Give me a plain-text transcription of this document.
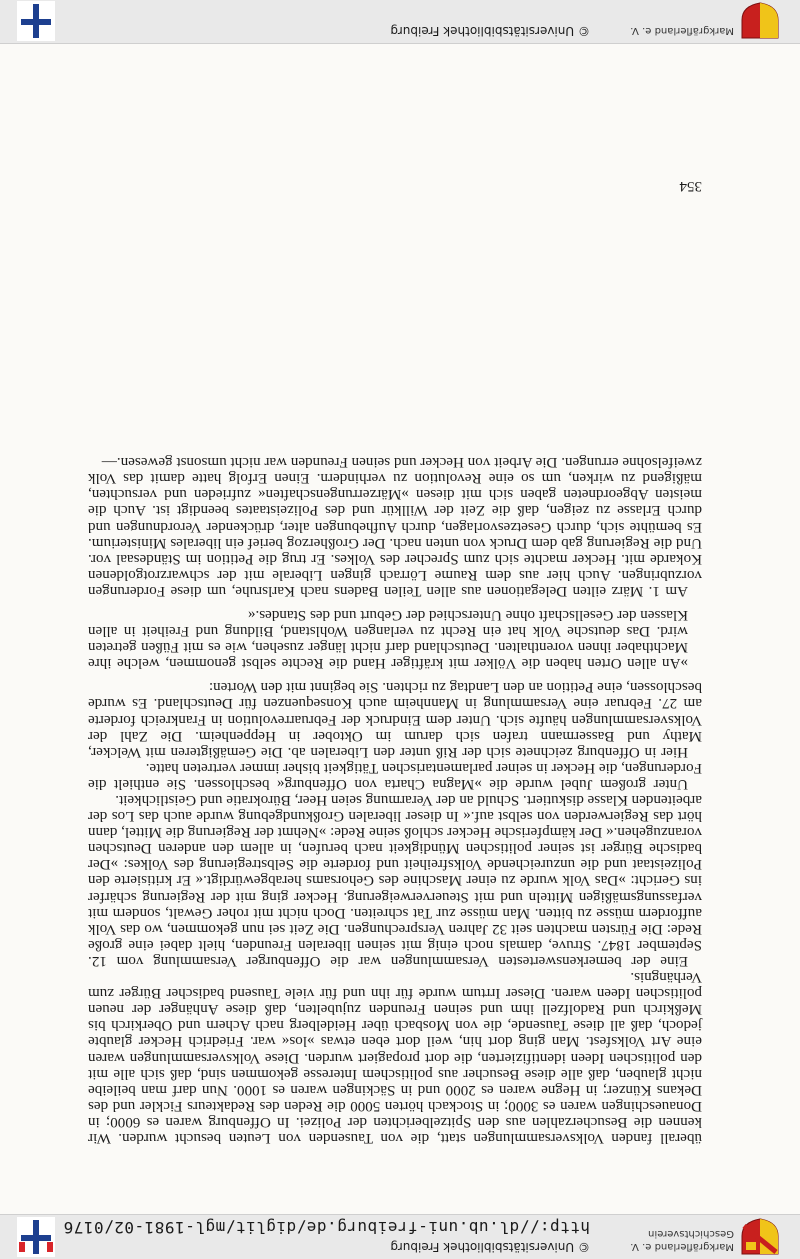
Markgräflerland e. V.
Geschichtsverein
© Universitätsbibliothek Freiburg
http://dl.ub.uni-freiburg.de/diglit/mgl-1981-02/0176

überall fanden Volksversammlungen statt, die von Tausenden von Leuten besucht wurden. Wir kennen die Besucherzahlen aus den Spitzelberichten der Polizei. In Offenburg waren es 6000; in Donaueschingen waren es 3000; in Stockach hörten 5000 die Reden des Redakteurs Fickler und des Dekans Künzer; in Hegne waren es 2000 und in Säckingen waren es 1000. Nun darf man beileibe nicht glauben, daß alle diese Besucher aus politischem Interesse gekommen sind, daß sich alle mit den politischen Ideen identifizierten, die dort propagiert wurden. Diese Volksversammlungen waren eine Art Volksfest. Man ging dort hin, weil dort eben etwas »los« war. Friedrich Hecker glaubte jedoch, daß all diese Tausende, die von Mosbach über Heidelberg nach Achern und Oberkirch bis Meßkirch und Radolfzell ihm und seinen Freunden zujubelten, daß diese Anhänger der neuen politischen Ideen waren. Dieser Irrtum wurde für ihn und für viele Tausend badischer Bürger zum Verhängnis.

Eine der bemerkenswertesten Versammlungen war die Offenburger Versammlung vom 12. September 1847. Struve, damals noch einig mit seinen liberalen Freunden, hielt dabei eine große Rede: Die Fürsten machten seit 32 Jahren Versprechungen. Die Zeit sei nun gekommen, wo das Volk auffordern müsse zu bitten. Man müsse zur Tat schreiten. Doch nicht mit roher Gewalt, sondern mit verfassungsmäßigen Mitteln und mit Steuerverweigerung. Hecker ging mit der Regierung schärfer ins Gericht: »Das Volk wurde zu einer Maschine des Gehorsams herabgewürdigt.« Er kritisierte den Polizeistaat und die unzureichende Volksfreiheit und forderte die Selbstregierung des Volkes: »Der badische Bürger ist seiner politischen Mündigkeit nach berufen, in allem den anderen Deutschen voranzugehen.« Der kämpferische Hecker schloß seine Rede: »Nehmt der Regierung die Mittel, dann hört das Regierwerden von selbst auf.« In dieser liberalen Großkundgebung wurde auch das Los der arbeitenden Klasse diskutiert. Schuld an der Verarmung seien Heer, Bürokratie und Geistlichkeit.

Unter großem Jubel wurde die »Magna Charta von Offenburg« beschlossen. Sie enthielt die Forderungen, die Hecker in seiner parlamentarischen Tätigkeit bisher immer vertreten hatte.

Hier in Offenburg zeichnete sich der Riß unter den Liberalen ab. Die Gemäßigteren mit Welcker, Mathy und Bassermann trafen sich darum im Oktober in Heppenheim. Die Zahl der Volksversammlungen häufte sich. Unter dem Eindruck der Februarrevolution in Frankreich forderte am 27. Februar eine Versammlung in Mannheim auch Konsequenzen für Deutschland. Es wurde beschlossen, eine Petition an den Landtag zu richten. Sie beginnt mit den Worten:

»An allen Orten haben die Völker mit kräftiger Hand die Rechte selbst genommen, welche ihre Machthaber ihnen vorenthalten. Deutschland darf nicht länger zusehen, wie es mit Füßen getreten wird. Das deutsche Volk hat ein Recht zu verlangen Wohlstand, Bildung und Freiheit in allen Klassen der Gesellschaft ohne Unterschied der Geburt und des Standes.«

Am 1. März eilten Delegationen aus allen Teilen Badens nach Karlsruhe, um diese Forderungen vorzubringen. Auch hier aus dem Raume Lörrach gingen Liberale mit der schwarzrotgoldenen Kokarde mit. Hecker machte sich zum Sprecher des Volkes. Er trug die Petition im Ständesaal vor. Und die Regierung gab dem Druck von unten nach. Der Großherzog berief ein liberales Ministerium. Es bemühte sich, durch Gesetzesvorlagen, durch Aufhebungen alter, drückender Verordnungen und durch Erlasse zu zeigen, daß die Zeit der Willkür und des Polizeistaates beendigt ist. Auch die meisten Abgeordneten gaben sich mit diesen »Märzerrungenschaften« zufrieden und versuchten, mäßigend zu wirken, um so eine Revolution zu verhindern. Einen Erfolg hatte damit das Volk zweifelsohne errungen. Die Arbeit von Hecker und seinen Freunden war nicht umsonst gewesen.—

354
Markgräflerland e. V.
© Universitätsbibliothek Freiburg
